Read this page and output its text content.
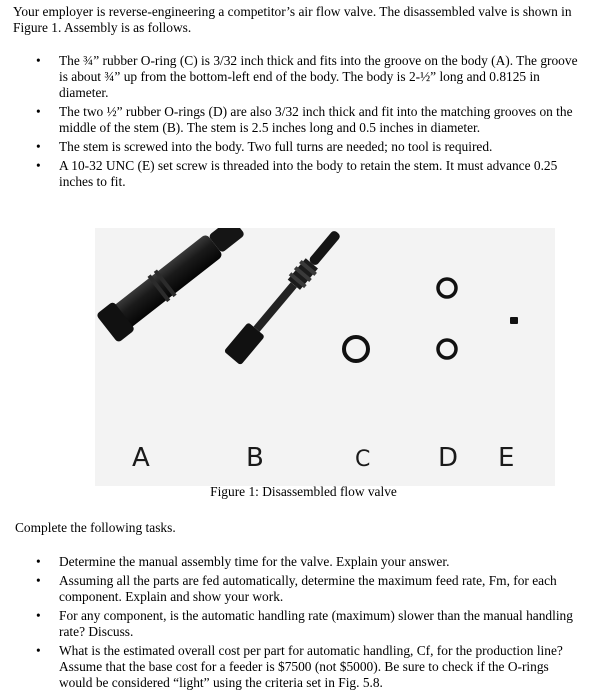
Your employer is reverse-engineering a competitor’s air flow valve. The disassembled valve is shown in Figure 1. Assembly is as follows.
• The ¾” rubber O-ring (C) is 3/32 inch thick and fits into the groove on the body (A). The groove is about ¾” up from the bottom-left end of the body. The body is 2-½” long and 0.8125 in diameter.
• The two ½” rubber O-rings (D) are also 3/32 inch thick and fit into the matching grooves on the middle of the stem (B). The stem is 2.5 inches long and 0.5 inches in diameter.
• The stem is screwed into the body. Two full turns are needed; no tool is required.
• A 10-32 UNC (E) set screw is threaded into the body to retain the stem. It must advance 0.25 inches to fit.
A	B	C	D E
Figure 1: Disassembled flow valve
Complete the following tasks.
• Determine the manual assembly time for the valve. Explain your answer.
• Assuming all the parts are fed automatically, determine the maximum feed rate, Fm, for each component. Explain and show your work.
• For any component, is the automatic handling rate (maximum) slower than the manual handling rate? Discuss.
• What is the estimated overall cost per part for automatic handling, Cf, for the production line? Assume that the base cost for a feeder is $7500 (not $5000). Be sure to check if the O-rings would be considered “light” using the criteria set in Fig. 5.8.
